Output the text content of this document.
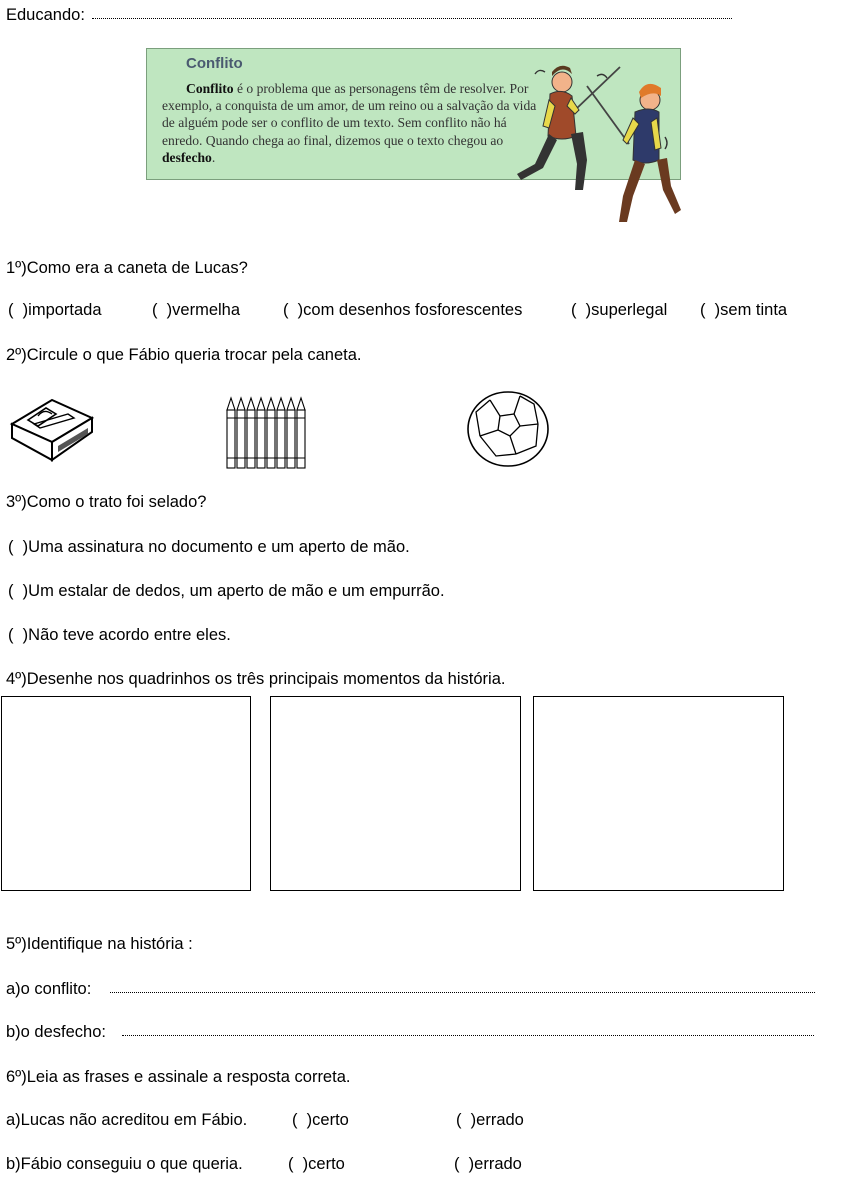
Educando:
Conflito
Conflito é o problema que as personagens têm de resolver. Por exemplo, a conquista de um amor, de um reino ou a salvação da vida de alguém pode ser o conflito de um texto. Sem conflito não há enredo. Quando chega ao final, dizemos que o texto chegou ao desfecho.
1º)Como era a caneta de Lucas?
(  )importada	(  )vermelha	(  )com desenhos fosforescentes	(  )superlegal (  )sem tinta
2º)Circule o que Fábio queria trocar pela caneta.
3º)Como o trato foi selado?
(  )Uma assinatura no documento e um aperto de mão.
(  )Um estalar de dedos, um aperto de mão e um empurrão.
(  )Não teve acordo entre eles.
4º)Desenhe nos quadrinhos os três principais momentos da história.
5º)Identifique na história :
a)o conflito:
b)o desfecho:
6º)Leia as frases e assinale a resposta correta.
a)Lucas não acreditou em Fábio.	(  )certo	(  )errado
b)Fábio conseguiu o que queria.	(  )certo	(  )errado
